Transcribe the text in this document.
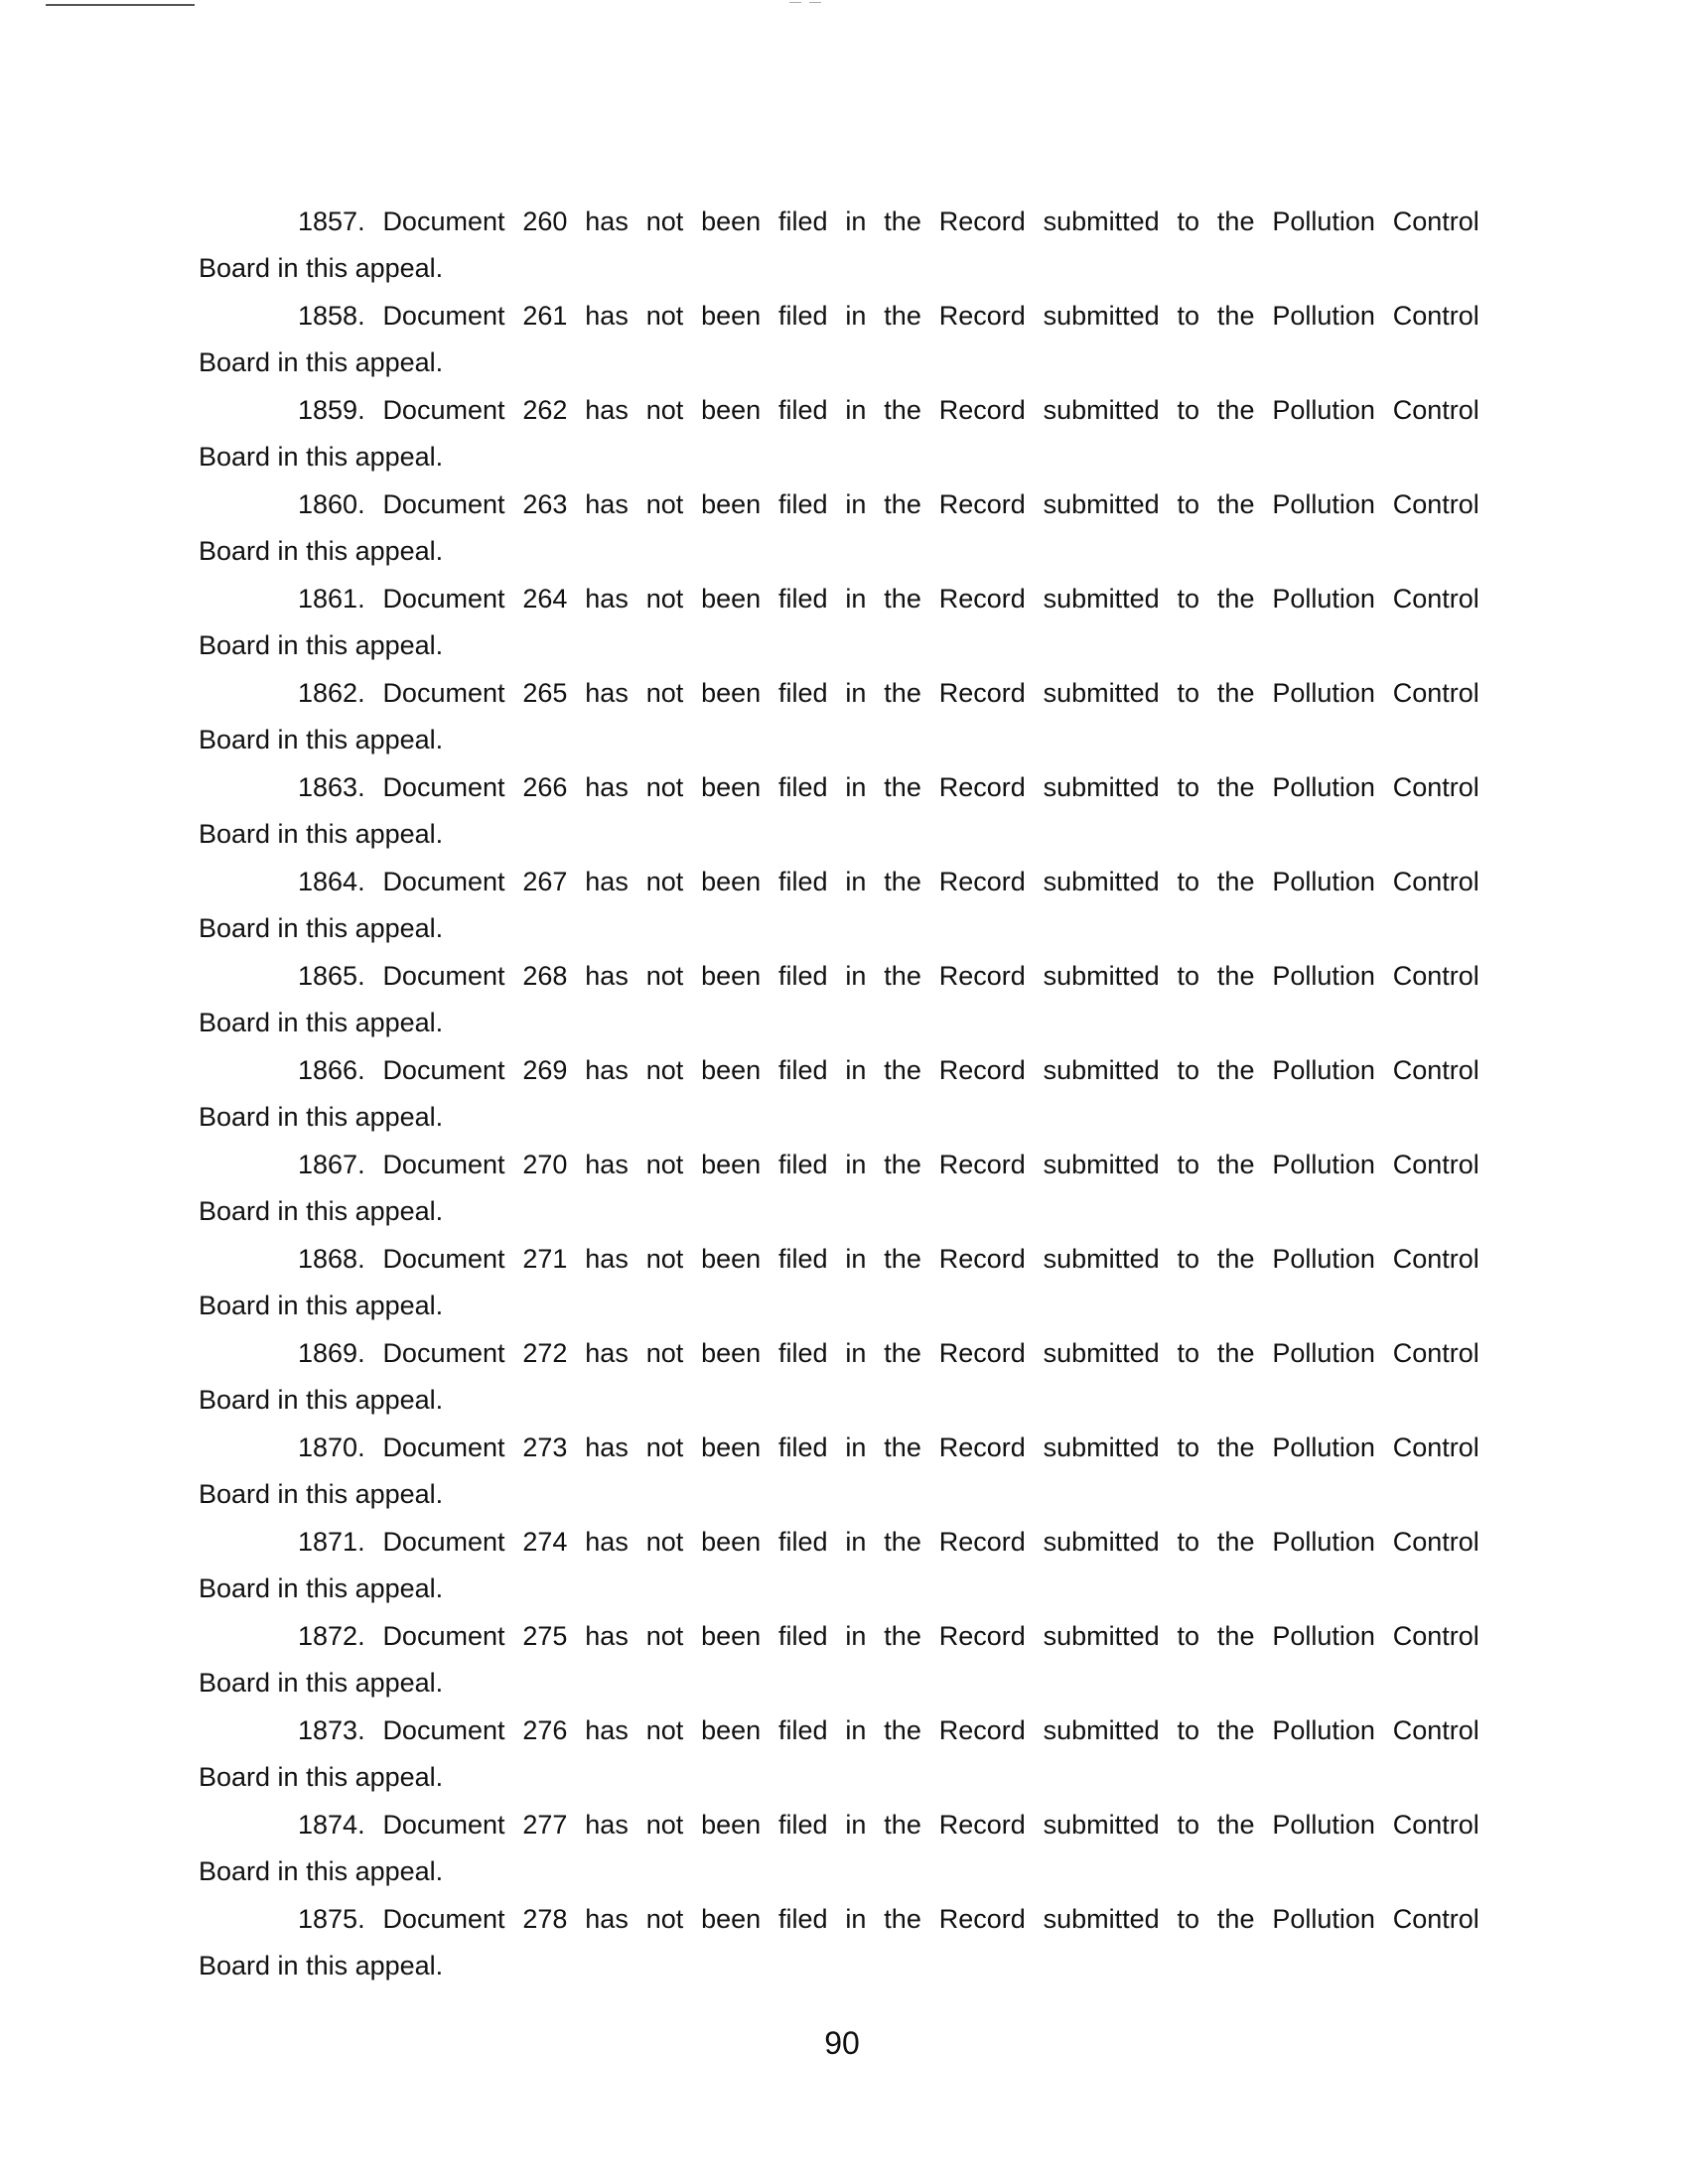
1857. Document 260 has not been filed in the Record submitted to the Pollution Control
Board in this appeal.
1858. Document 261 has not been filed in the Record submitted to the Pollution Control
Board in this appeal.
1859. Document 262 has not been filed in the Record submitted to the Pollution Control
Board in this appeal.
1860. Document 263 has not been filed in the Record submitted to the Pollution Control
Board in this appeal.
1861. Document 264 has not been filed in the Record submitted to the Pollution Control
Board in this appeal.
1862. Document 265 has not been filed in the Record submitted to the Pollution Control
Board in this appeal.
1863. Document 266 has not been filed in the Record submitted to the Pollution Control
Board in this appeal.
1864. Document 267 has not been filed in the Record submitted to the Pollution Control
Board in this appeal.
1865. Document 268 has not been filed in the Record submitted to the Pollution Control
Board in this appeal.
1866. Document 269 has not been filed in the Record submitted to the Pollution Control
Board in this appeal.
1867. Document 270 has not been filed in the Record submitted to the Pollution Control
Board in this appeal.
1868. Document 271 has not been filed in the Record submitted to the Pollution Control
Board in this appeal.
1869. Document 272 has not been filed in the Record submitted to the Pollution Control
Board in this appeal.
1870. Document 273 has not been filed in the Record submitted to the Pollution Control
Board in this appeal.
1871. Document 274 has not been filed in the Record submitted to the Pollution Control
Board in this appeal.
1872. Document 275 has not been filed in the Record submitted to the Pollution Control
Board in this appeal.
1873. Document 276 has not been filed in the Record submitted to the Pollution Control
Board in this appeal.
1874. Document 277 has not been filed in the Record submitted to the Pollution Control
Board in this appeal.
1875. Document 278 has not been filed in the Record submitted to the Pollution Control
Board in this appeal.
90
